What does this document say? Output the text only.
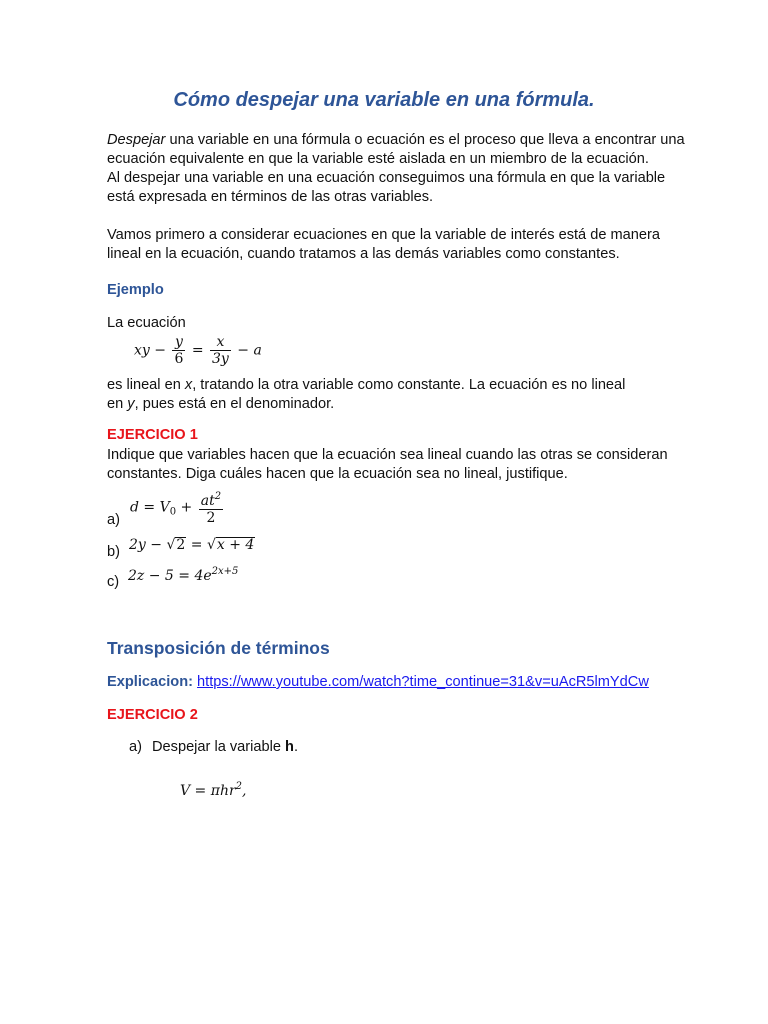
Cómo despejar una variable en una fórmula.
Despejar una variable en una fórmula o ecuación es el proceso que lleva a encontrar una
ecuación equivalente en que la variable esté aislada en un miembro de la ecuación.
Al despejar una variable en una ecuación conseguimos una fórmula en que la variable
está expresada en términos de las otras variables.
Vamos primero a considerar ecuaciones en que la variable de interés está de manera
lineal en la ecuación, cuando tratamos a las demás variables como constantes.
Ejemplo
La ecuación
xy − $\frac{y}{6} = \frac{x}{3y} - a$
es lineal en x, tratando la otra variable como constante. La ecuación es no lineal
en y, pues está en el denominador.
EJERCICIO 1
Indique que variables hacen que la ecuación sea lineal cuando las otras se consideran
constantes. Diga cuáles hacen que la ecuación sea no lineal, justifique.
a)
$d = V_0 + \frac{at^2}{2}$
b) 2y − √2 = √x + 4
c) $2z - 5 = 4e^{2x+5}$
Transposición de términos
Explicacion: https://www.youtube.com/watch?time_continue=31&v=uAcR5lmYdCw
EJERCICIO 2
a) Despejar la variable h.
V = πhr$^2$,
